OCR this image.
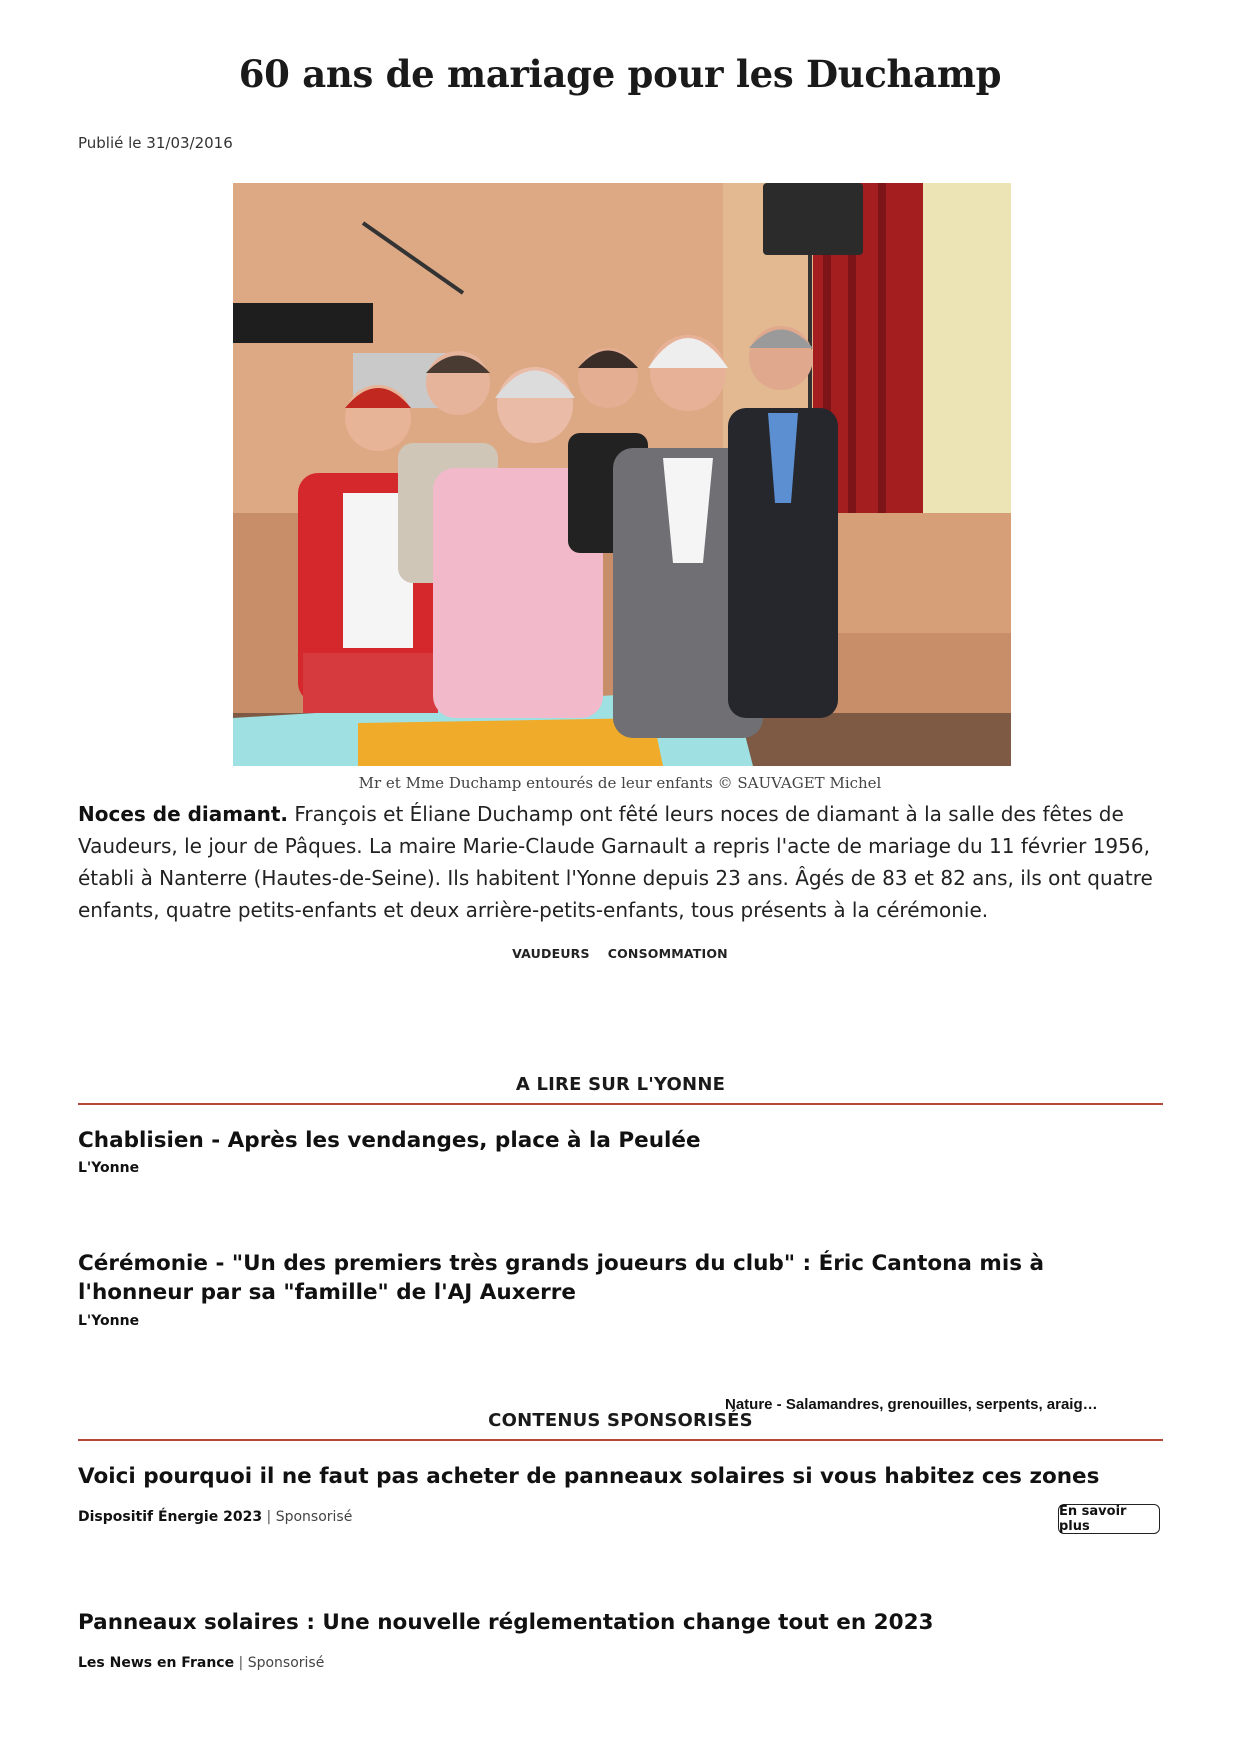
60 ans de mariage pour les Duchamp
Publié le 31/03/2016
Mr et Mme Duchamp entourés de leur enfants © SAUVAGET Michel
Noces de diamant. François et Éliane Duchamp ont fêté leurs noces de diamant à la salle des fêtes de Vaudeurs, le jour de Pâques. La maire Marie-Claude Garnault a repris l'acte de mariage du 11 février 1956, établi à Nanterre (Hautes-de-Seine). Ils habitent l'Yonne depuis 23 ans. Âgés de 83 et 82 ans, ils ont quatre enfants, quatre petits-enfants et deux arrière-petits-enfants, tous présents à la cérémonie.
VAUDEURS CONSOMMATION
A LIRE SUR L'YONNE
Chablisien - Après les vendanges, place à la Peulée
L'Yonne
Cérémonie - "Un des premiers très grands joueurs du club" : Éric Cantona mis à l'honneur par sa "famille" de l'AJ Auxerre
L'Yonne
CONTENUS SPONSORISÉS
Nature - Salamandres, grenouilles, serpents, araig…
Voici pourquoi il ne faut pas acheter de panneaux solaires si vous habitez ces zones
Dispositif Énergie 2023 | Sponsorisé	En savoir plus
Panneaux solaires : Une nouvelle réglementation change tout en 2023
Les News en France | Sponsorisé
